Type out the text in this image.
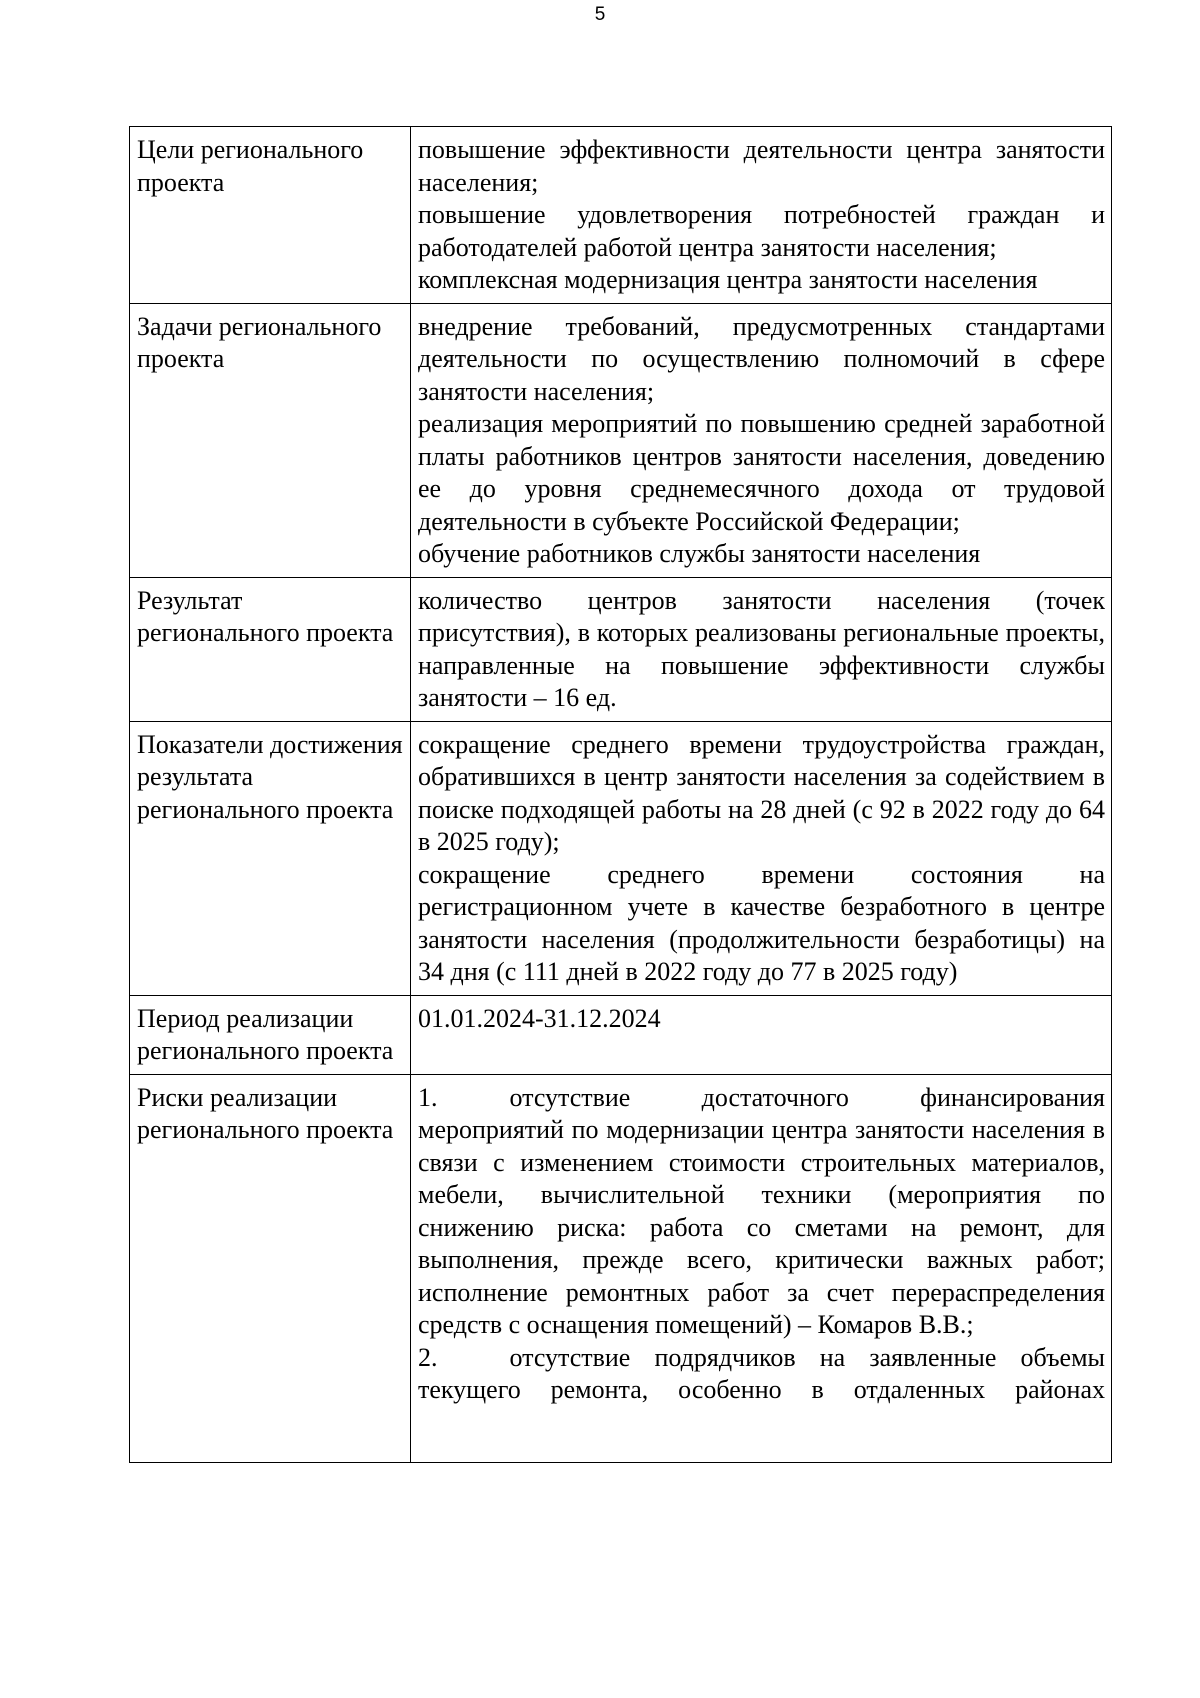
5
Цели регионального проекта	повышение эффективности деятельности центра занятости населения;
повышение удовлетворения потребностей граждан и работодателей работой центра занятости населения;
комплексная модернизация центра занятости населения

Задачи регионального проекта	внедрение требований, предусмотренных стандартами деятельности по осуществлению полномочий в сфере занятости населения;
реализация мероприятий по повышению средней заработной платы работников центров занятости населения, доведению ее до уровня среднемесячного дохода от трудовой деятельности в субъекте Российской Федерации;
обучение работников службы занятости населения

Результат регионального проекта	количество центров занятости населения (точек присутствия), в которых реализованы региональные проекты, направленные на повышение эффективности службы занятости – 16 ед.

Показатели достижения результата регионального проекта	сокращение среднего времени трудоустройства граждан, обратившихся в центр занятости населения за содействием в поиске подходящей работы на 28 дней (с 92 в 2022 году до 64 в 2025 году);
сокращение среднего времени состояния на регистрационном учете в качестве безработного в центре занятости населения (продолжительности безработицы) на 34 дня (с 111 дней в 2022 году до 77 в 2025 году)

Период реализации регионального проекта	01.01.2024-31.12.2024

Риски реализации регионального проекта	1. отсутствие достаточного финансирования мероприятий по модернизации центра занятости населения в связи с изменением стоимости строительных материалов, мебели, вычислительной техники (мероприятия по снижению риска: работа со сметами на ремонт, для выполнения, прежде всего, критически важных работ; исполнение ремонтных работ за счет перераспределения средств с оснащения помещений) – Комаров В.В.;
2. отсутствие подрядчиков на заявленные объемы текущего ремонта, особенно в отдаленных районах
